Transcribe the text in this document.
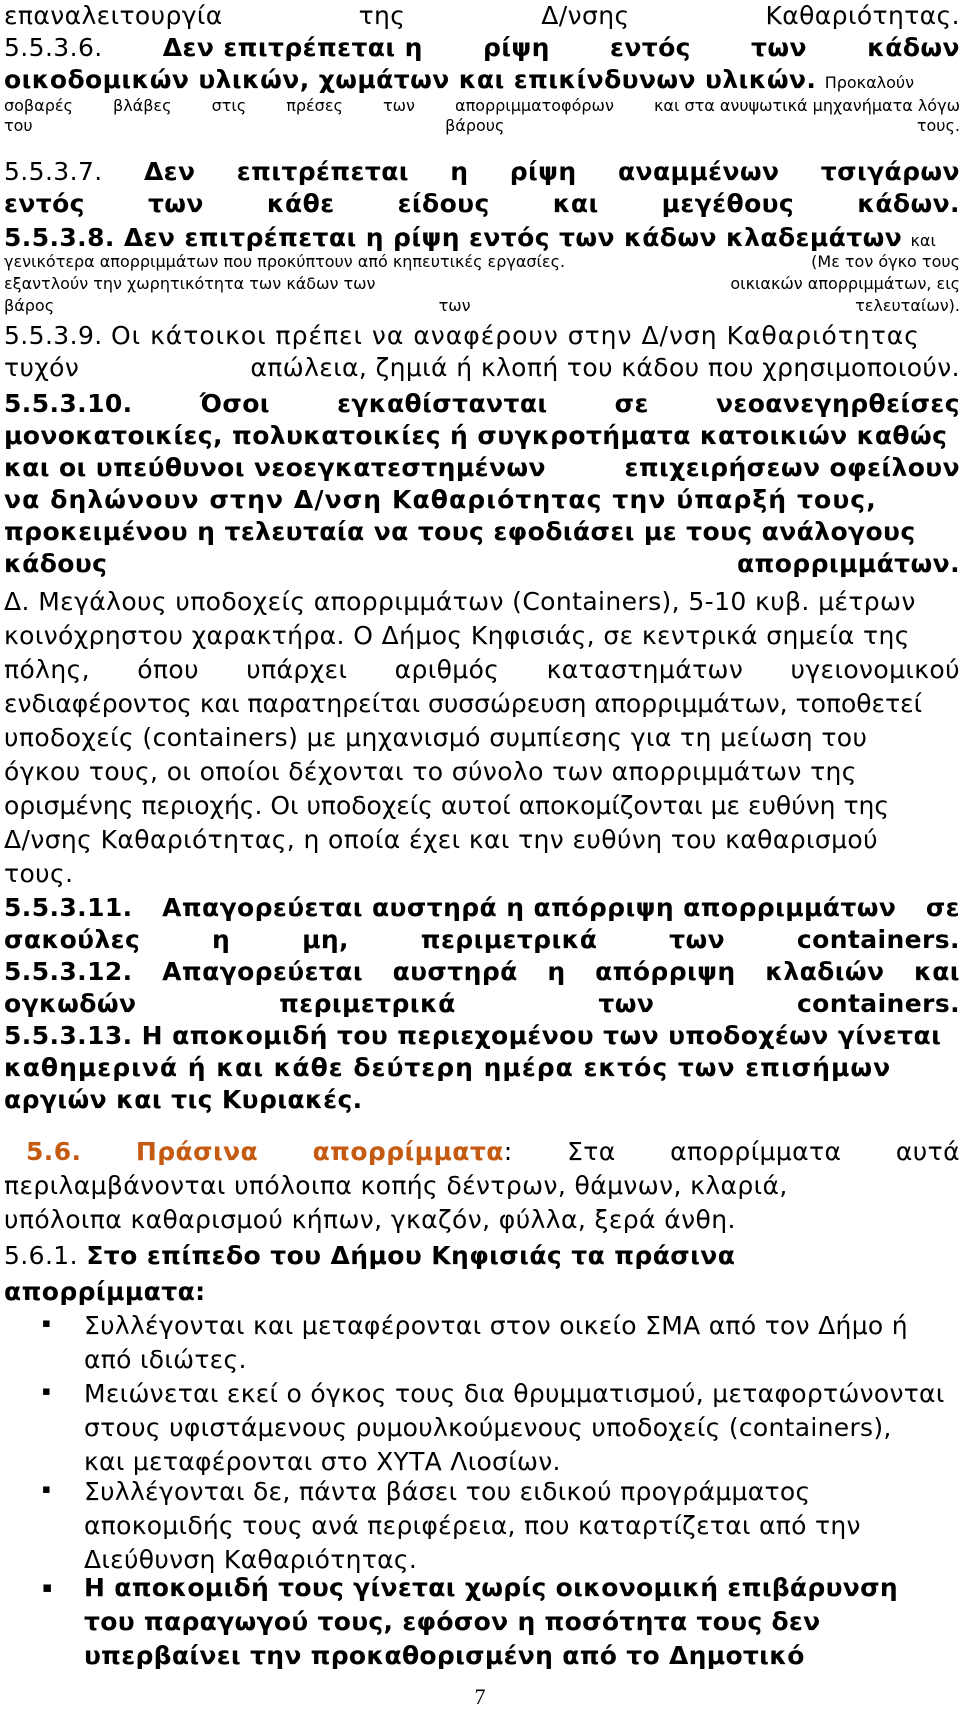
επαναλειτουργία	της	Δ/νσης	Καθαριότητας.
5.5.3.6. Δεν επιτρέπεται η ρίψη εντός των κάδων
οικοδομικών υλικών, χωμάτων και επικίνδυνων υλικών. Προκαλούν
σοβαρές	βλάβες	στις	πρέσες	των	απορριμματοφόρων	και στα ανυψωτικά μηχανήματα λόγω
του	βάρους	τους.
5.5.3.7. Δεν επιτρέπεται η ρίψη αναμμένων τσιγάρων
εντός	των	κάθε	είδους	και	μεγέθους	κάδων.
5.5.3.8. Δεν επιτρέπεται η ρίψη εντός των κάδων κλαδεμάτων και
γενικότερα απορριμμάτων που προκύπτουν από κηπευτικές εργασίες.	(Με τον όγκο τους
εξαντλούν την χωρητικότητα των κάδων των	οικιακών απορριμμάτων, εις
βάρος	των	τελευταίων).
5.5.3.9. Οι κάτοικοι πρέπει να αναφέρουν στην Δ/νση Καθαριότητας
τυχόν	απώλεια, ζημιά ή κλοπή του κάδου που χρησιμοποιούν.
5.5.3.10.	Όσοι	εγκαθίστανται	σε	νεοανεγηρθείσες
μονοκατοικίες, πολυκατοικίες ή συγκροτήματα κατοικιών καθώς
και οι υπεύθυνοι νεοεγκατεστημένων	επιχειρήσεων οφείλουν
να δηλώνουν στην Δ/νση Καθαριότητας την ύπαρξή τους,
προκειμένου η τελευταία να τους εφοδιάσει με τους ανάλογους
κάδους	απορριμμάτων.
Δ. Μεγάλους υποδοχείς απορριμμάτων (Containers), 5-10 κυβ. μέτρων
κοινόχρηστου χαρακτήρα. Ο Δήμος Κηφισιάς, σε κεντρικά σημεία της
πόλης, όπου υπάρχει αριθμός καταστημάτων υγειονομικού
ενδιαφέροντος και παρατηρείται συσσώρευση απορριμμάτων, τοποθετεί
υποδοχείς (containers) με μηχανισμό συμπίεσης για τη μείωση του
όγκου τους, οι οποίοι δέχονται το σύνολο των απορριμμάτων της
ορισμένης περιοχής. Οι υποδοχείς αυτοί αποκομίζονται με ευθύνη της
Δ/νσης Καθαριότητας, η οποία έχει και την ευθύνη του καθαρισμού
τους.
5.5.3.11. Απαγορεύεται αυστηρά η απόρριψη απορριμμάτων σε
σακούλες	η	μη,	περιμετρικά	των	containers.
5.5.3.12. Απαγορεύεται αυστηρά η απόρριψη κλαδιών και
ογκωδών	περιμετρικά	των	containers.
5.5.3.13. Η αποκομιδή του περιεχομένου των υποδοχέων γίνεται
καθημερινά ή και κάθε δεύτερη ημέρα εκτός των επισήμων
αργιών και τις Κυριακές.
5.6. Πράσινα απορρίμματα: Στα απορρίμματα αυτά
περιλαμβάνονται υπόλοιπα κοπής δέντρων, θάμνων, κλαριά,
υπόλοιπα καθαρισμού κήπων, γκαζόν, φύλλα, ξερά άνθη.
5.6.1. Στο επίπεδο του Δήμου Κηφισιάς τα πράσινα
απορρίμματα:
▪ Συλλέγονται και μεταφέρονται στον οικείο ΣΜΑ από τον Δήμο ή
από ιδιώτες.
▪ Μειώνεται εκεί ο όγκος τους δια θρυμματισμού, μεταφορτώνονται
στους υφιστάμενους ρυμουλκούμενους υποδοχείς (containers),
και μεταφέρονται στο ΧΥΤΑ Λιοσίων.
▪ Συλλέγονται δε, πάντα βάσει του ειδικού προγράμματος
αποκομιδής τους ανά περιφέρεια, που καταρτίζεται από την
Διεύθυνση Καθαριότητας.
▪ Η αποκομιδή τους γίνεται χωρίς οικονομική επιβάρυνση
του παραγωγού τους, εφόσον η ποσότητα τους δεν
υπερβαίνει την προκαθορισμένη από το Δημοτικό
7
